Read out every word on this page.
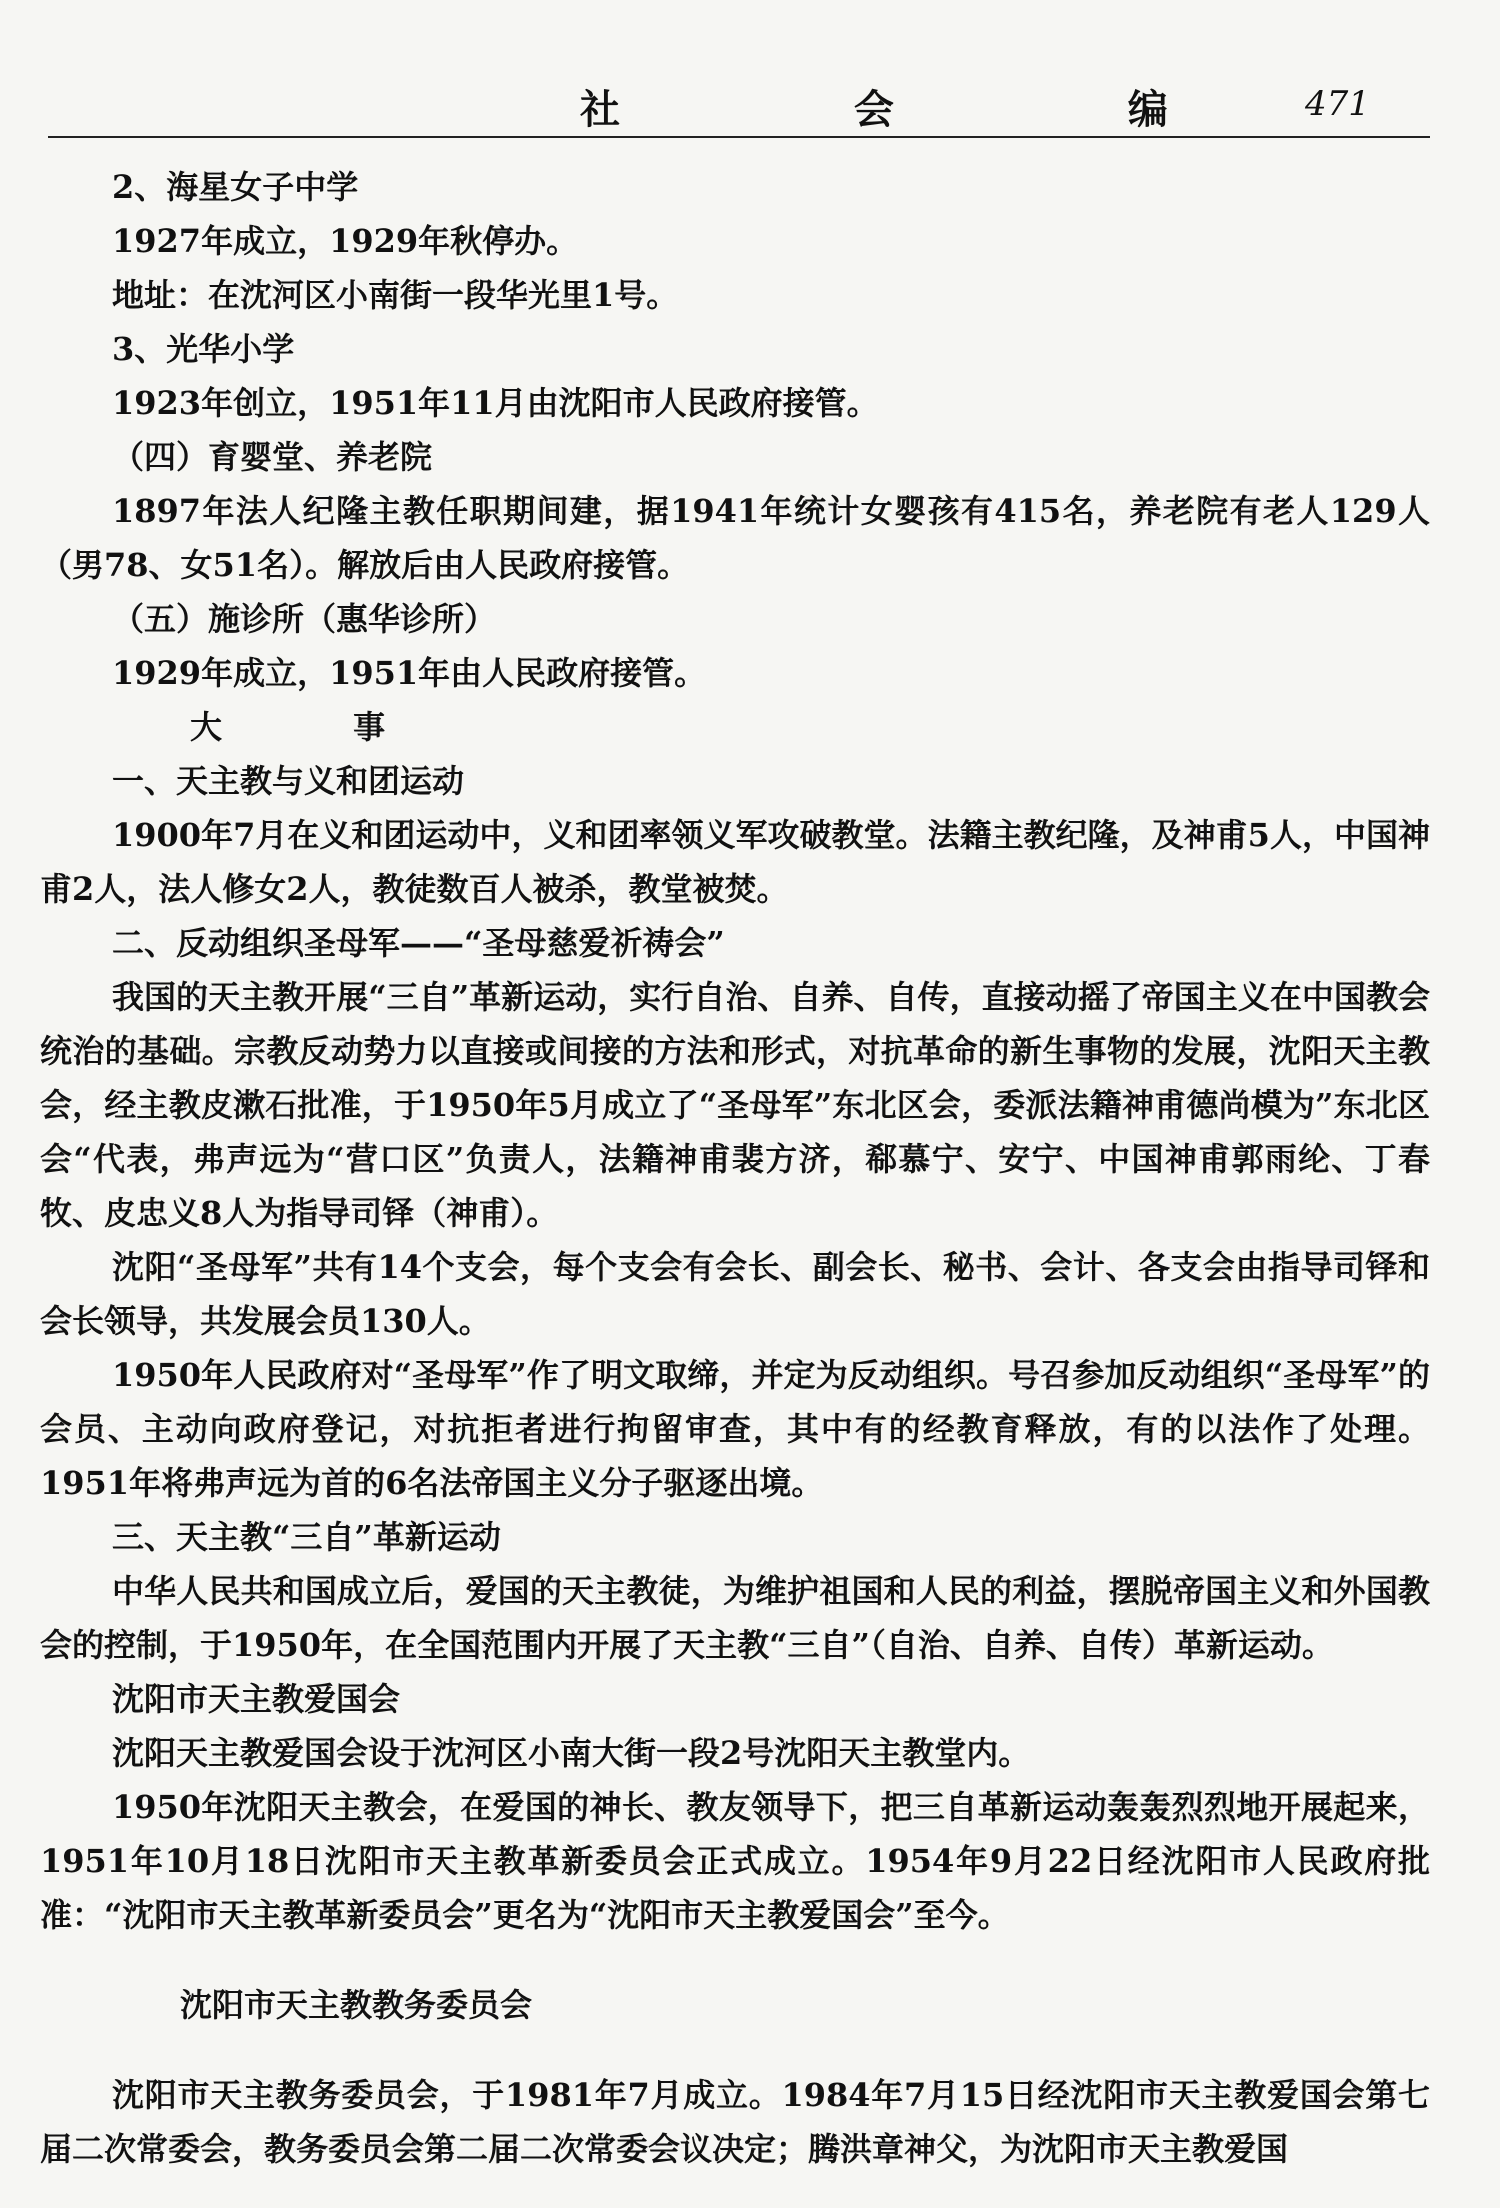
社 会 编 471

2、海星女子中学

1927年成立，1929年秋停办。

地址：在沈河区小南街一段华光里1号。

3、光华小学

1923年创立，1951年11月由沈阳市人民政府接管。

（四）育婴堂、养老院

1897年法人纪隆主教任职期间建，据1941年统计女婴孩有415名，养老院有老人129人（男78、女51名）。解放后由人民政府接管。

（五）施诊所（惠华诊所）

1929年成立，1951年由人民政府接管。

大 事

一、天主教与义和团运动

1900年7月在义和团运动中，义和团率领义军攻破教堂。法籍主教纪隆，及神甫5人，中国神甫2人，法人修女2人，教徒数百人被杀，教堂被焚。

二、反动组织圣母军——“圣母慈爱祈祷会”

我国的天主教开展“三自”革新运动，实行自治、自养、自传，直接动摇了帝国主义在中国教会统治的基础。宗教反动势力以直接或间接的方法和形式，对抗革命的新生事物的发展，沈阳天主教会，经主教皮漱石批准，于1950年5月成立了“圣母军”东北区会，委派法籍神甫德尚模为”东北区会“代表，弗声远为“营口区”负责人，法籍神甫裴方济，郗慕宁、安宁、中国神甫郭雨纶、丁春牧、皮忠义8人为指导司铎（神甫）。

沈阳“圣母军”共有14个支会，每个支会有会长、副会长、秘书、会计、各支会由指导司铎和会长领导，共发展会员130人。

1950年人民政府对“圣母军”作了明文取缔，并定为反动组织。号召参加反动组织“圣母军”的会员、主动向政府登记，对抗拒者进行拘留审查，其中有的经教育释放，有的以法作了处理。1951年将弗声远为首的6名法帝国主义分子驱逐出境。

三、天主教“三自”革新运动

中华人民共和国成立后，爱国的天主教徒，为维护祖国和人民的利益，摆脱帝国主义和外国教会的控制，于1950年，在全国范围内开展了天主教“三自”（自治、自养、自传）革新运动。

沈阳市天主教爱国会

沈阳天主教爱国会设于沈河区小南大街一段2号沈阳天主教堂内。

1950年沈阳天主教会，在爱国的神长、教友领导下，把三自革新运动轰轰烈烈地开展起来，1951年10月18日沈阳市天主教革新委员会正式成立。1954年9月22日经沈阳市人民政府批准：“沈阳市天主教革新委员会”更名为“沈阳市天主教爱国会”至今。

沈阳市天主教教务委员会

沈阳市天主教务委员会，于1981年7月成立。1984年7月15日经沈阳市天主教爱国会第七届二次常委会，教务委员会第二届二次常委会议决定；腾洪章神父，为沈阳市天主教爱国
